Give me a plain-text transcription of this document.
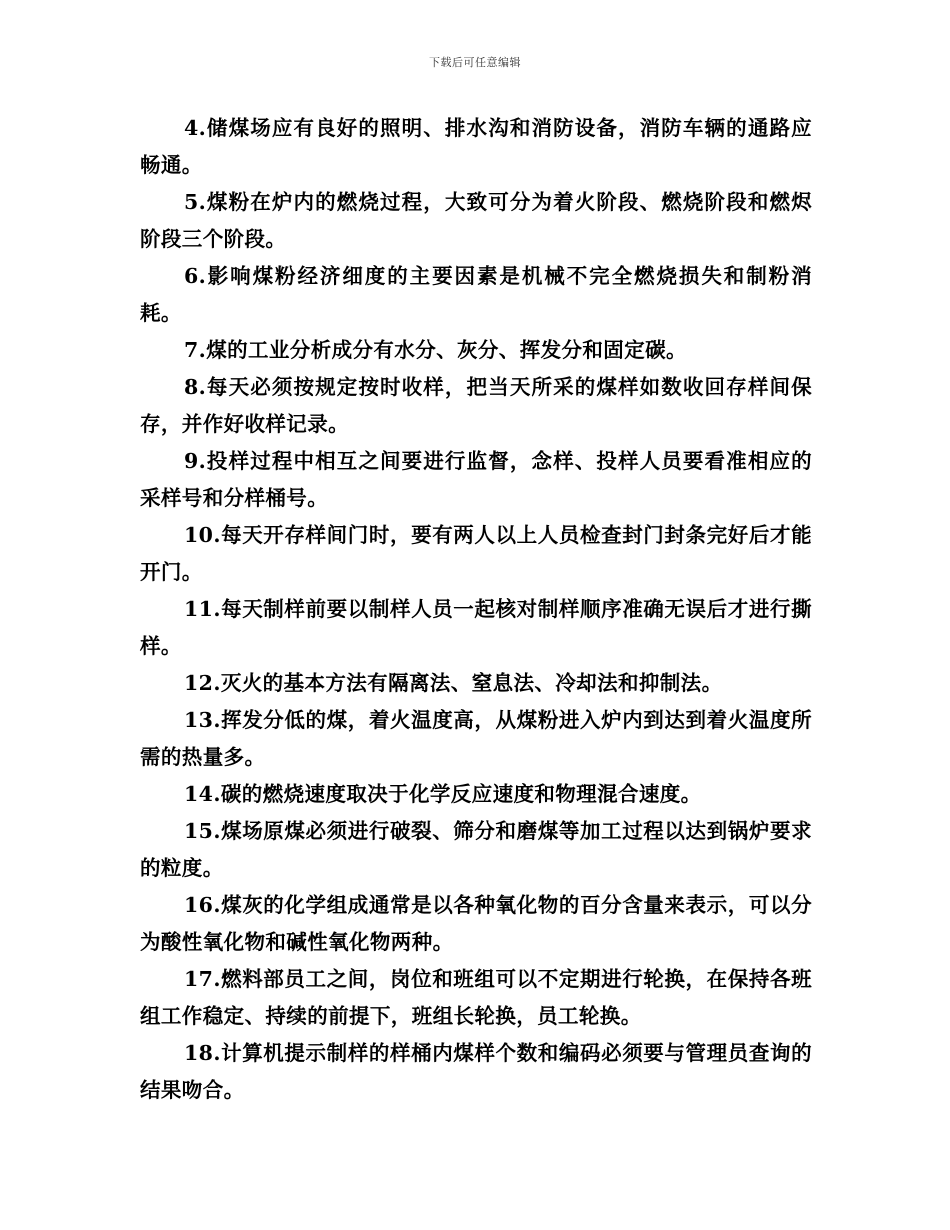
下载后可任意编辑

4.储煤场应有良好的照明、排水沟和消防设备，消防车辆的通路应畅通。

5.煤粉在炉内的燃烧过程，大致可分为着火阶段、燃烧阶段和燃烬阶段三个阶段。

6.影响煤粉经济细度的主要因素是机械不完全燃烧损失和制粉消耗。

7.煤的工业分析成分有水分、灰分、挥发分和固定碳。

8.每天必须按规定按时收样，把当天所采的煤样如数收回存样间保存，并作好收样记录。

9.投样过程中相互之间要进行监督，念样、投样人员要看准相应的采样号和分样桶号。

10.每天开存样间门时，要有两人以上人员检查封门封条完好后才能开门。

11.每天制样前要以制样人员一起核对制样顺序准确无误后才进行撕样。

12.灭火的基本方法有隔离法、窒息法、冷却法和抑制法。

13.挥发分低的煤，着火温度高，从煤粉进入炉内到达到着火温度所需的热量多。

14.碳的燃烧速度取决于化学反应速度和物理混合速度。

15.煤场原煤必须进行破裂、筛分和磨煤等加工过程以达到锅炉要求的粒度。

16.煤灰的化学组成通常是以各种氧化物的百分含量来表示，可以分为酸性氧化物和碱性氧化物两种。

17.燃料部员工之间，岗位和班组可以不定期进行轮换，在保持各班组工作稳定、持续的前提下，班组长轮换，员工轮换。

18.计算机提示制样的样桶内煤样个数和编码必须要与管理员查询的结果吻合。
